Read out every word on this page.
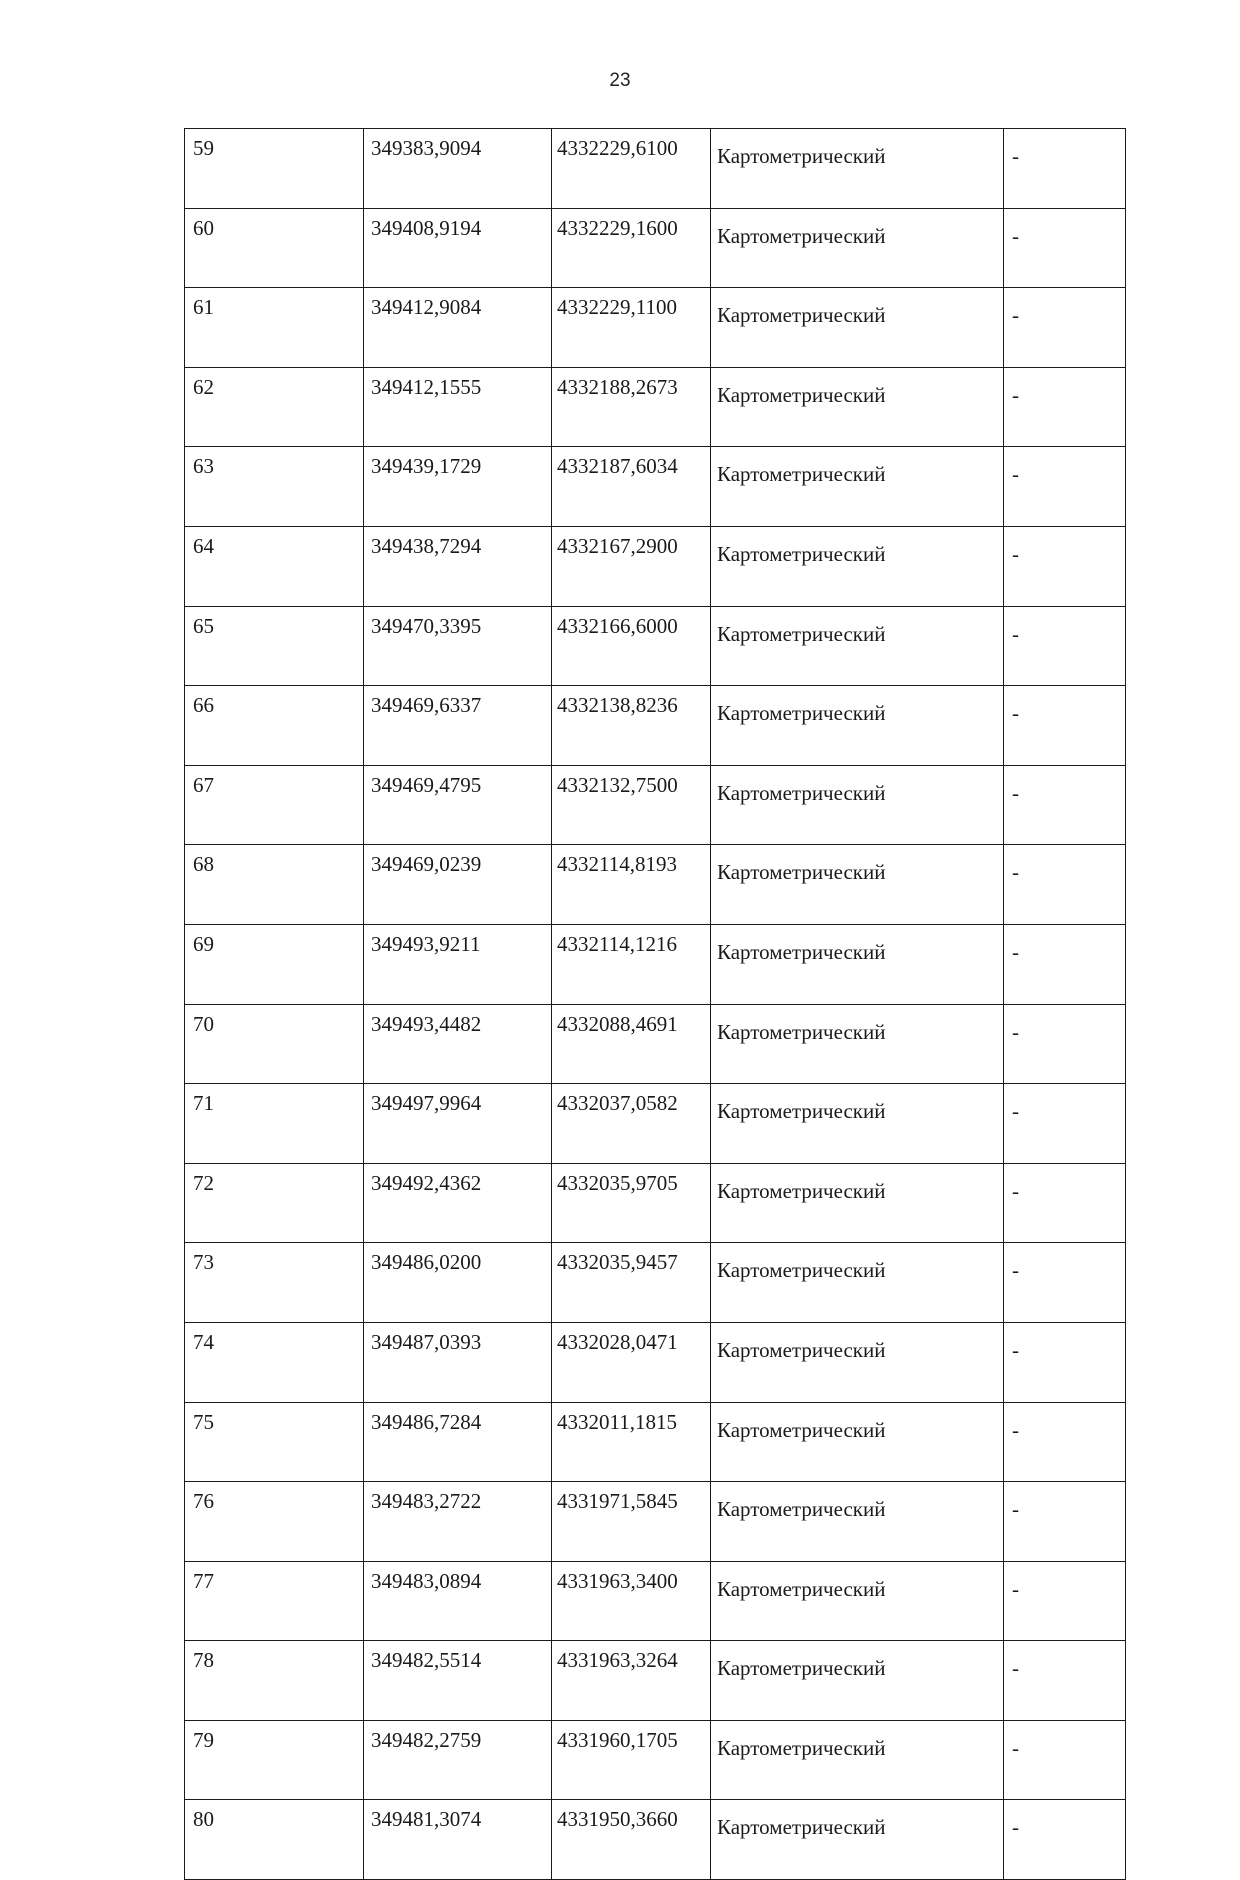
23
59	349383,9094	4332229,6100	Картометрический	-
60	349408,9194	4332229,1600	Картометрический	-
61	349412,9084	4332229,1100	Картометрический	-
62	349412,1555	4332188,2673	Картометрический	-
63	349439,1729	4332187,6034	Картометрический	-
64	349438,7294	4332167,2900	Картометрический	-
65	349470,3395	4332166,6000	Картометрический	-
66	349469,6337	4332138,8236	Картометрический	-
67	349469,4795	4332132,7500	Картометрический	-
68	349469,0239	4332114,8193	Картометрический	-
69	349493,9211	4332114,1216	Картометрический	-
70	349493,4482	4332088,4691	Картометрический	-
71	349497,9964	4332037,0582	Картометрический	-
72	349492,4362	4332035,9705	Картометрический	-
73	349486,0200	4332035,9457	Картометрический	-
74	349487,0393	4332028,0471	Картометрический	-
75	349486,7284	4332011,1815	Картометрический	-
76	349483,2722	4331971,5845	Картометрический	-
77	349483,0894	4331963,3400	Картометрический	-
78	349482,5514	4331963,3264	Картометрический	-
79	349482,2759	4331960,1705	Картометрический	-
80	349481,3074	4331950,3660	Картометрический	-
